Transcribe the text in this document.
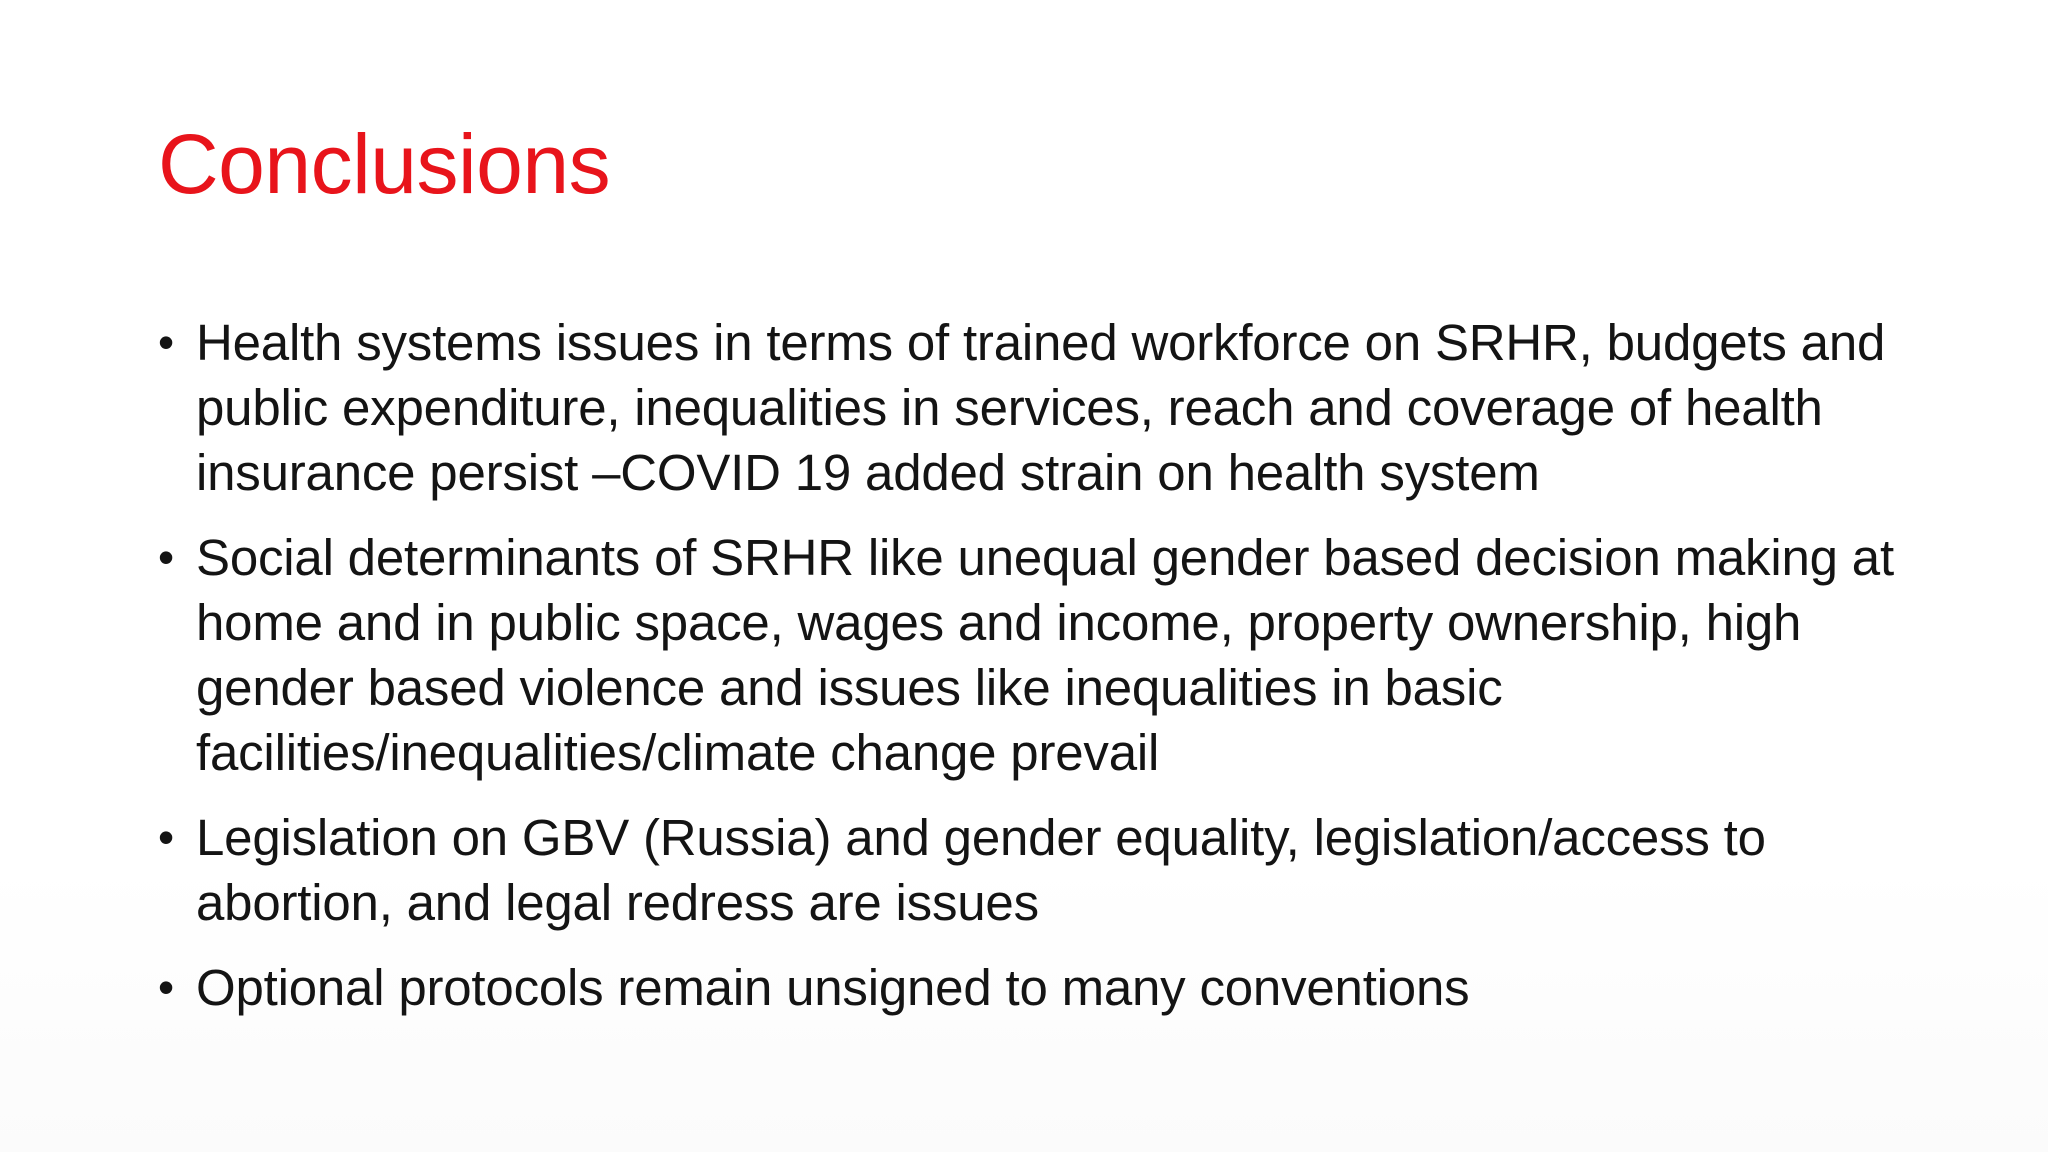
Conclusions
• Health systems issues in terms of trained workforce on SRHR, budgets and public expenditure, inequalities in services, reach and coverage of health insurance persist –COVID 19 added strain on health system
• Social determinants of SRHR like unequal gender based decision making at home and in public space, wages and income, property ownership, high gender based violence and issues like inequalities in basic facilities/inequalities/climate change prevail
• Legislation on GBV (Russia) and gender equality, legislation/access to abortion, and legal redress are issues
• Optional protocols remain unsigned to many conventions
